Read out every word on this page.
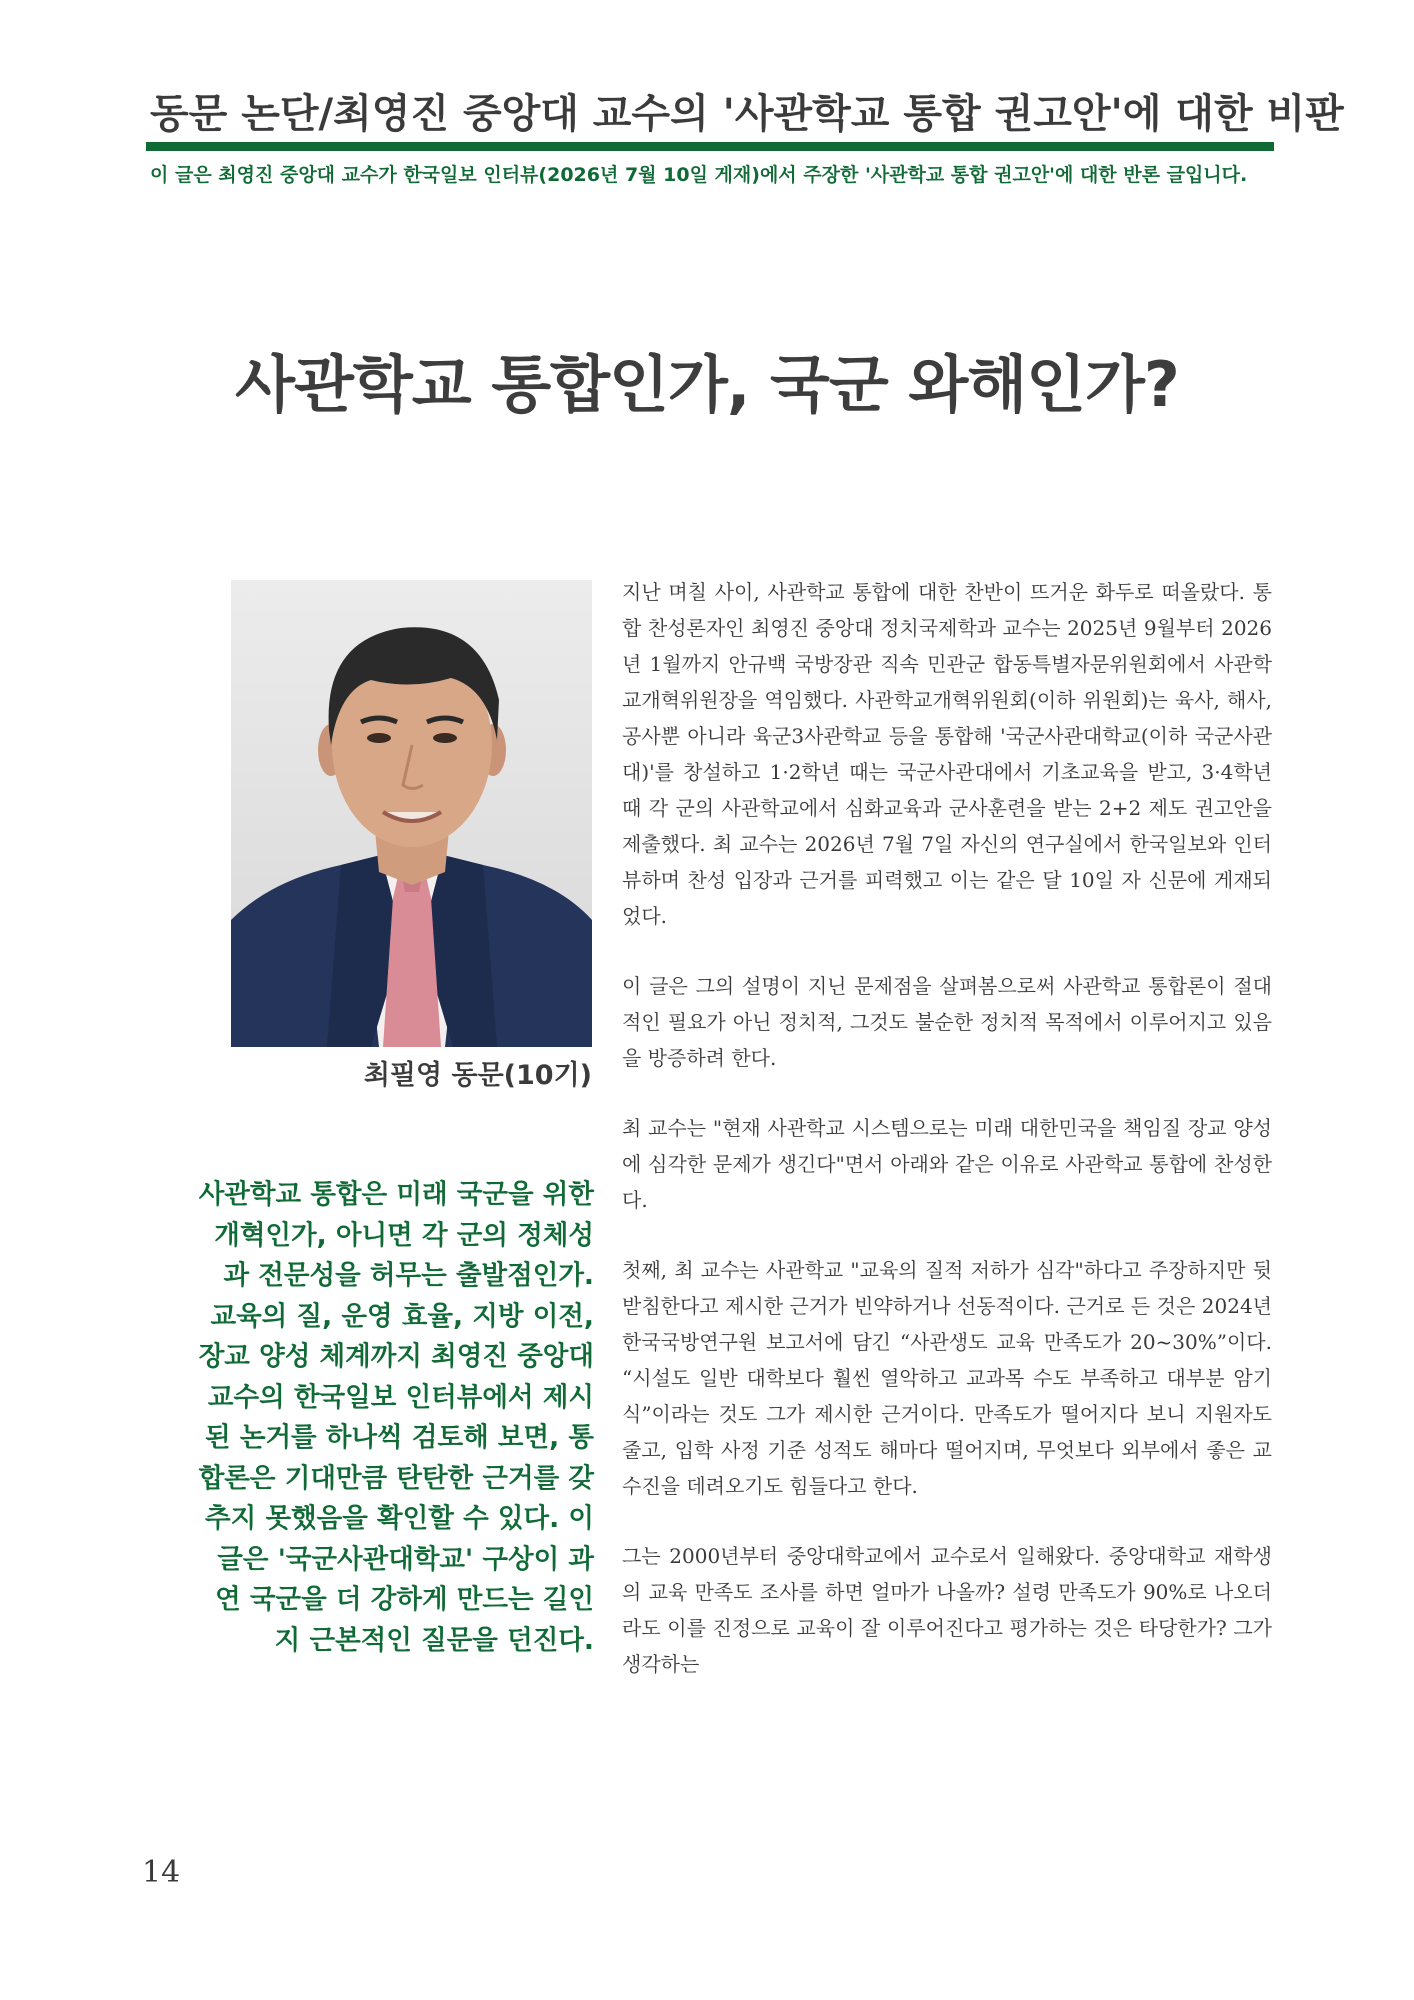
동문 논단/최영진 중앙대 교수의 '사관학교 통합 권고안'에 대한 비판
이 글은 최영진 중앙대 교수가 한국일보 인터뷰(2026년 7월 10일 게재)에서 주장한 '사관학교 통합 권고안'에 대한 반론 글입니다.
사관학교 통합인가, 국군 와해인가?
최필영 동문(10기)
사관학교 통합은 미래 국군을 위한 개혁인가, 아니면 각 군의 정체성과 전문성을 허무는 출발점인가. 교육의 질, 운영 효율, 지방 이전, 장교 양성 체계까지 최영진 중앙대 교수의 한국일보 인터뷰에서 제시된 논거를 하나씩 검토해 보면, 통합론은 기대만큼 탄탄한 근거를 갖추지 못했음을 확인할 수 있다. 이 글은 '국군사관대학교' 구상이 과연 국군을 더 강하게 만드는 길인지 근본적인 질문을 던진다.

지난 며칠 사이, 사관학교 통합에 대한 찬반이 뜨거운 화두로 떠올랐다. 통합 찬성론자인 최영진 중앙대 정치국제학과 교수는 2025년 9월부터 2026년 1월까지 안규백 국방장관 직속 민관군 합동특별자문위원회에서 사관학교개혁위원장을 역임했다. 사관학교개혁위원회(이하 위원회)는 육사, 해사, 공사뿐 아니라 육군3사관학교 등을 통합해 '국군사관대학교(이하 국군사관대)'를 창설하고 1·2학년 때는 국군사관대에서 기초교육을 받고, 3·4학년 때 각 군의 사관학교에서 심화교육과 군사훈련을 받는 2+2 제도 권고안을 제출했다. 최 교수는 2026년 7월 7일 자신의 연구실에서 한국일보와 인터뷰하며 찬성 입장과 근거를 피력했고 이는 같은 달 10일 자 신문에 게재되었다.

이 글은 그의 설명이 지닌 문제점을 살펴봄으로써 사관학교 통합론이 절대적인 필요가 아닌 정치적, 그것도 불순한 정치적 목적에서 이루어지고 있음을 방증하려 한다.

최 교수는 "현재 사관학교 시스템으로는 미래 대한민국을 책임질 장교 양성에 심각한 문제가 생긴다"면서 아래와 같은 이유로 사관학교 통합에 찬성한다.

첫째, 최 교수는 사관학교 "교육의 질적 저하가 심각"하다고 주장하지만 뒷받침한다고 제시한 근거가 빈약하거나 선동적이다. 근거로 든 것은 2024년 한국국방연구원 보고서에 담긴 “사관생도 교육 만족도가 20~30%”이다. “시설도 일반 대학보다 훨씬 열악하고 교과목 수도 부족하고 대부분 암기식”이라는 것도 그가 제시한 근거이다. 만족도가 떨어지다 보니 지원자도 줄고, 입학 사정 기준 성적도 해마다 떨어지며, 무엇보다 외부에서 좋은 교수진을 데려오기도 힘들다고 한다.

그는 2000년부터 중앙대학교에서 교수로서 일해왔다. 중앙대학교 재학생의 교육 만족도 조사를 하면 얼마가 나올까? 설령 만족도가 90%로 나오더라도 이를 진정으로 교육이 잘 이루어진다고 평가하는 것은 타당한가? 그가 생각하는

14
